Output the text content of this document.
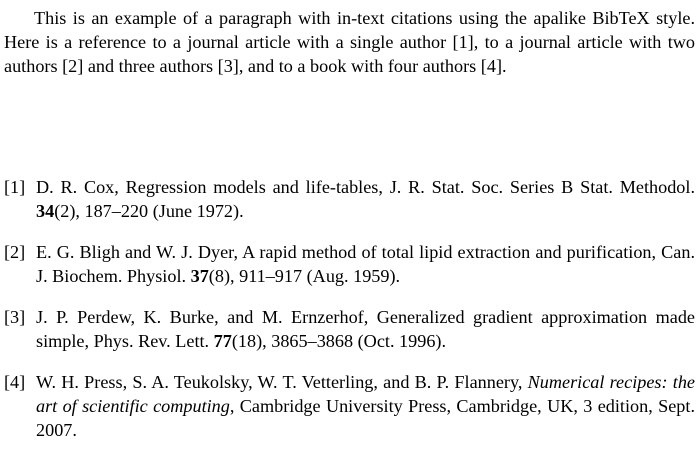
This is an example of a paragraph with in-text citations using the apalike BibTeX style. Here is a reference to a journal article with a single author [1], to a journal article with two authors [2] and three authors [3], and to a book with four authors [4].

[1] D. R. Cox, Regression models and life-tables, J. R. Stat. Soc. Series B Stat. Methodol. 34(2), 187–220 (June 1972).
[2] E. G. Bligh and W. J. Dyer, A rapid method of total lipid extraction and purification, Can. J. Biochem. Physiol. 37(8), 911–917 (Aug. 1959).
[3] J. P. Perdew, K. Burke, and M. Ernzerhof, Generalized gradient approximation made simple, Phys. Rev. Lett. 77(18), 3865–3868 (Oct. 1996).
[4] W. H. Press, S. A. Teukolsky, W. T. Vetterling, and B. P. Flannery, Numerical recipes: the art of scientific computing, Cambridge University Press, Cambridge, UK, 3 edition, Sept. 2007.
